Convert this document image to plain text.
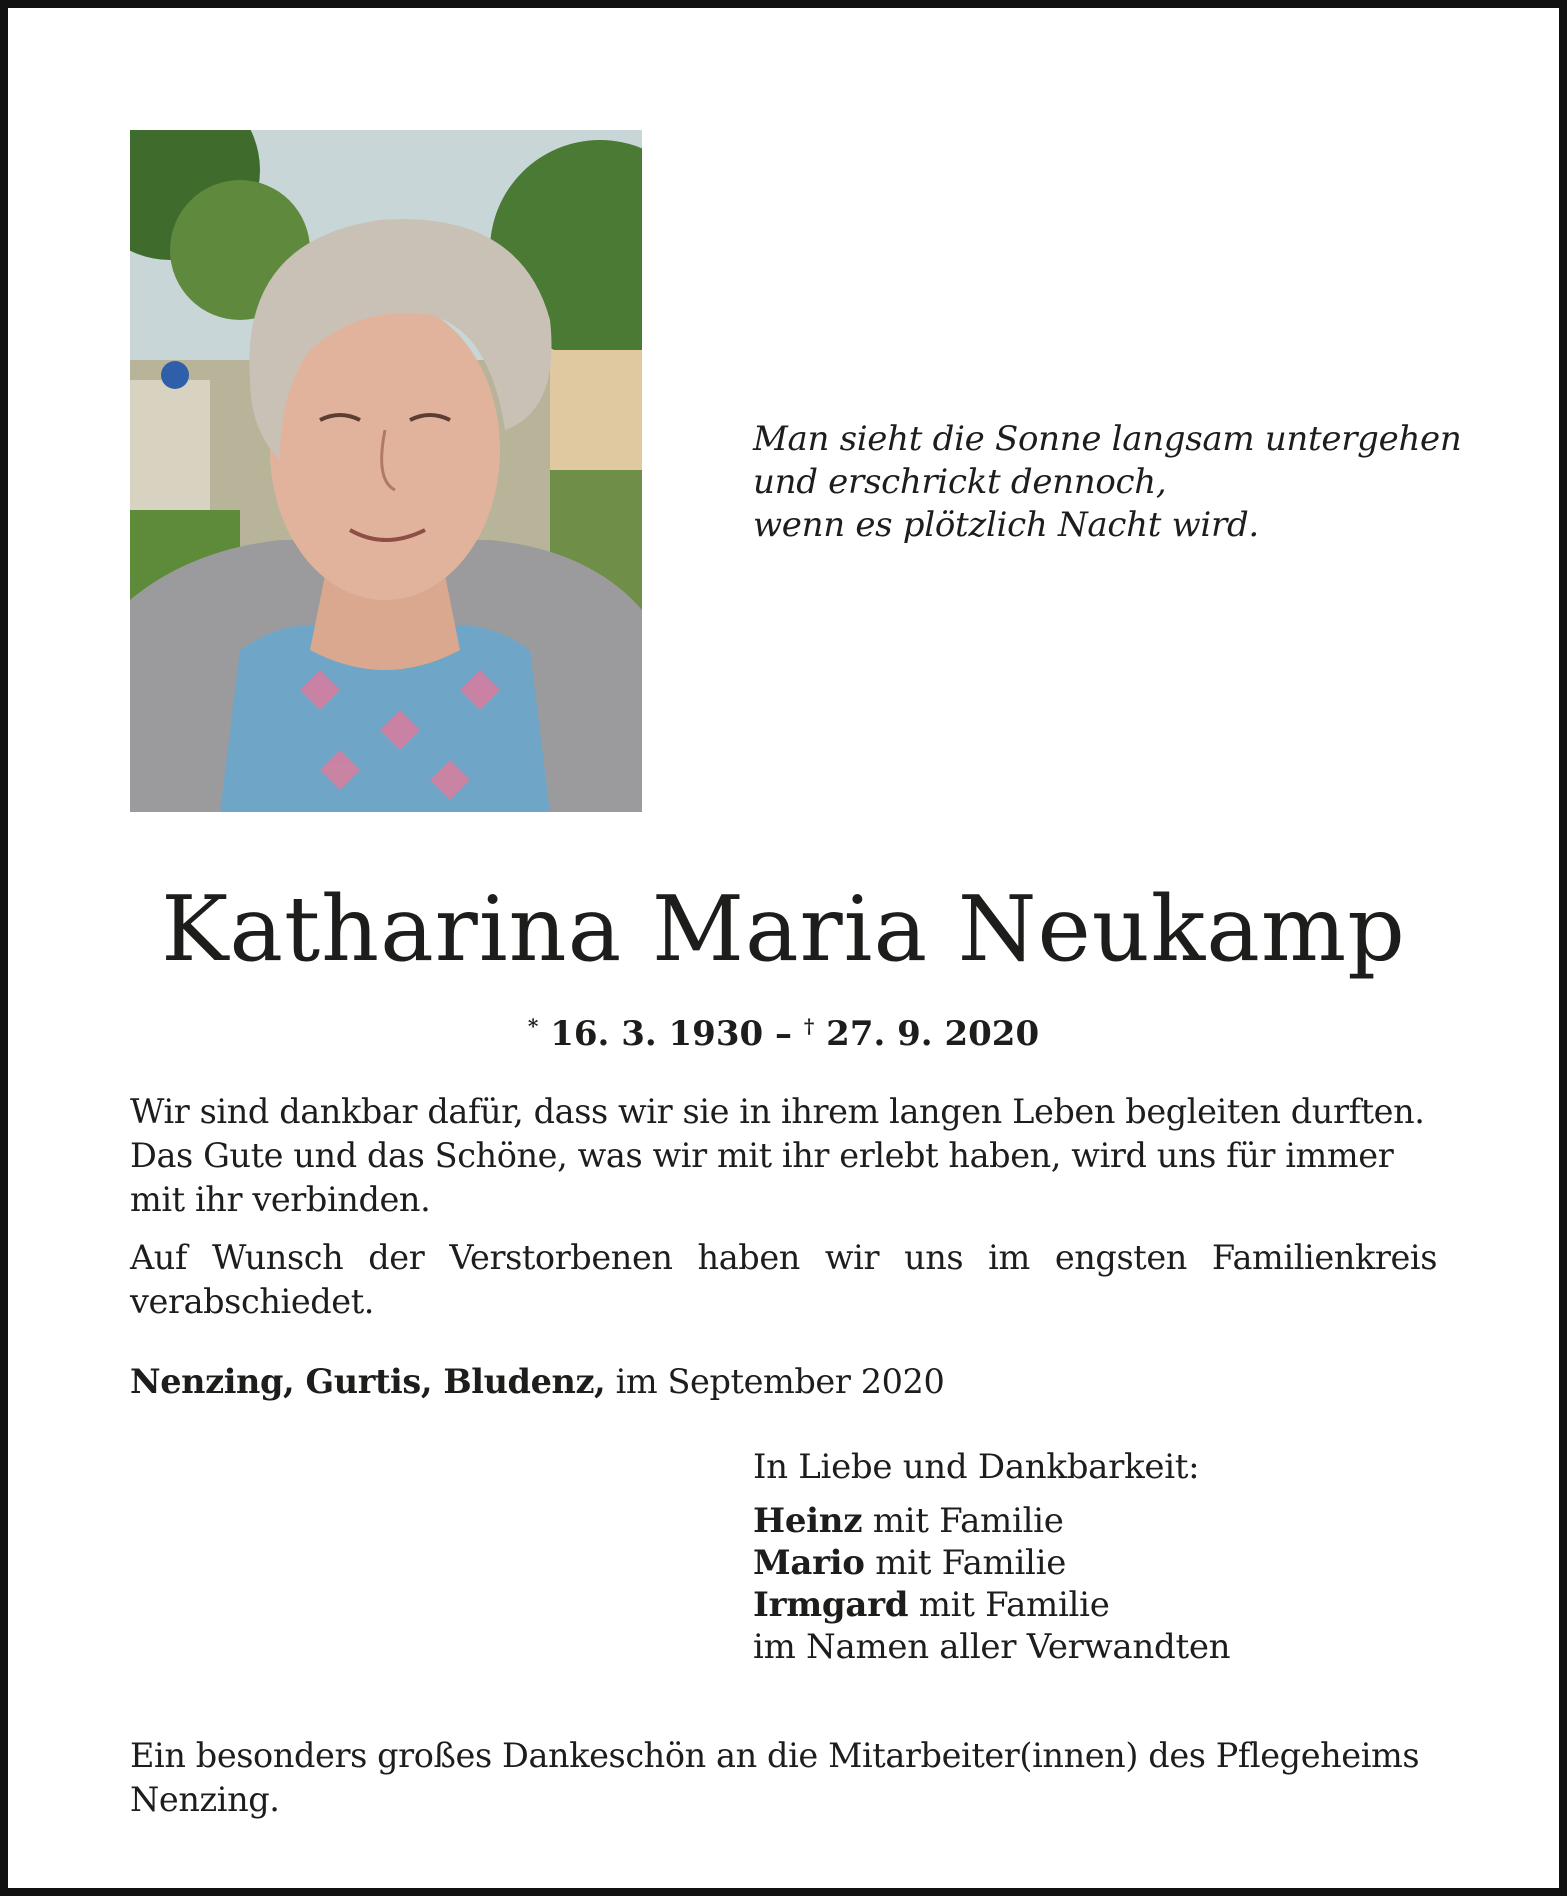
Man sieht die Sonne langsam untergehen
und erschrickt dennoch,
wenn es plötzlich Nacht wird.
Katharina Maria Neukamp
* 16. 3. 1930 – † 27. 9. 2020
Wir sind dankbar dafür, dass wir sie in ihrem langen Leben begleiten durften. Das Gute und das Schöne, was wir mit ihr erlebt haben, wird uns für immer mit ihr verbinden.
Auf Wunsch der Verstorbenen haben wir uns im engsten Familienkreis verabschiedet.
Nenzing, Gurtis, Bludenz, im September 2020
In Liebe und Dankbarkeit:
Heinz mit Familie
Mario mit Familie
Irmgard mit Familie
im Namen aller Verwandten
Ein besonders großes Dankeschön an die Mitarbeiter(innen) des Pflegeheims Nenzing.
